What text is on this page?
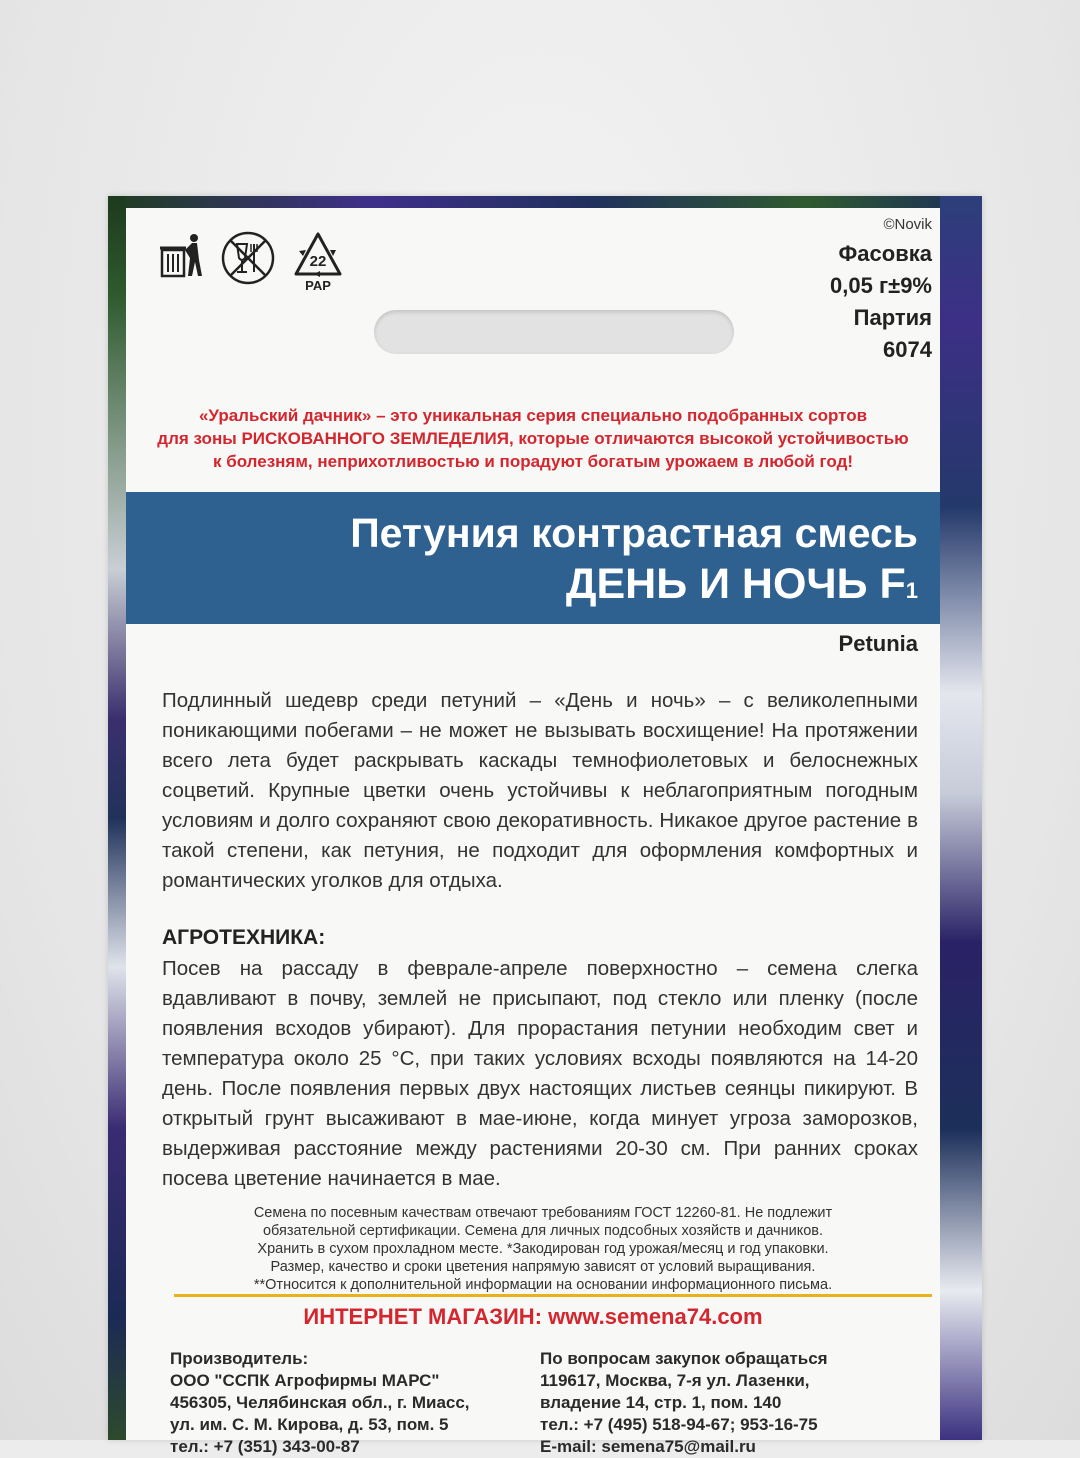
22
PAP
©Novik
Фасовка
0,05 г±9%
Партия
6074
«Уральский дачник» – это уникальная серия специально подобранных сортов
для зоны РИСКОВАННОГО ЗЕМЛЕДЕЛИЯ, которые отличаются высокой устойчивостью
к болезням, неприхотливостью и порадуют богатым урожаем в любой год!
Петуния контрастная смесь
ДЕНЬ И НОЧЬ F1
Petunia
Подлинный шедевр среди петуний – «День и ночь» – с великолепными поникающими побегами – не может не вызывать восхищение! На протяжении всего лета будет раскрывать каскады темнофиолетовых и белоснежных соцветий. Крупные цветки очень устойчивы к неблагоприятным погодным условиям и долго сохраняют свою декоративность. Никакое другое растение в такой степени, как петуния, не подходит для оформления комфортных и романтических уголков для отдыха.
АГРОТЕХНИКА:
Посев на рассаду в феврале-апреле поверхностно – семена слегка вдавливают в почву, землей не присыпают, под стекло или пленку (после появления всходов убирают). Для прорастания петунии необходим свет и температура около 25 °С, при таких условиях всходы появляются на 14-20 день. После появления первых двух настоящих листьев сеянцы пикируют. В открытый грунт высаживают в мае-июне, когда минует угроза заморозков, выдерживая расстояние между растениями 20-30 см. При ранних сроках посева цветение начинается в мае.
Семена по посевным качествам отвечают требованиям ГОСТ 12260-81. Не подлежит
обязательной сертификации. Семена для личных подсобных хозяйств и дачников.
Хранить в сухом прохладном месте. *Закодирован год урожая/месяц и год упаковки.
Размер, качество и сроки цветения напрямую зависят от условий выращивания.
**Относится к дополнительной информации на основании информационного письма.
ИНТЕРНЕТ МАГАЗИН: www.semena74.com
Производитель:
ООО "ССПК Агрофирмы МАРС"
456305, Челябинская обл., г. Миасс,
ул. им. С. М. Кирова, д. 53, пом. 5
тел.: +7 (351) 343-00-87
По вопросам закупок обращаться
119617, Москва, 7-я ул. Лазенки,
владение 14, стр. 1, пом. 140
тел.: +7 (495) 518-94-67; 953-16-75
E-mail: semena75@mail.ru
